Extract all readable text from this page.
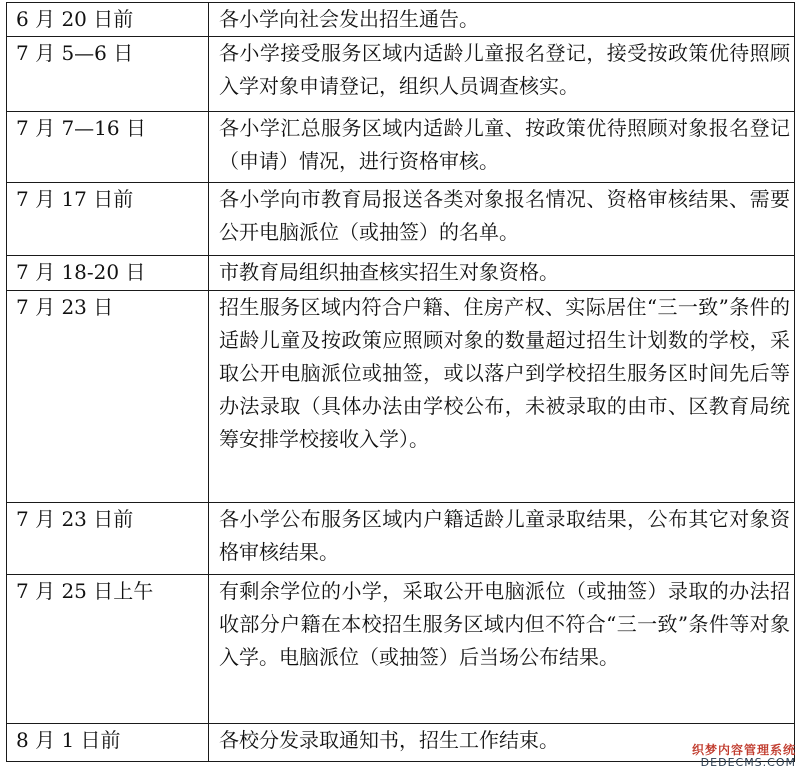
6 月 20 日前	各小学向社会发出招生通告。
7 月 5—6 日	各小学接受服务区域内适龄儿童报名登记，接受按政策优待照顾入学对象申请登记，组织人员调查核实。
7 月 7—16 日	各小学汇总服务区域内适龄儿童、按政策优待照顾对象报名登记（申请）情况，进行资格审核。
7 月 17 日前	各小学向市教育局报送各类对象报名情况、资格审核结果、需要公开电脑派位（或抽签）的名单。
7 月 18-20 日	市教育局组织抽查核实招生对象资格。
7 月 23 日	招生服务区域内符合户籍、住房产权、实际居住“三一致”条件的适龄儿童及按政策应照顾对象的数量超过招生计划数的学校，采取公开电脑派位或抽签，或以落户到学校招生服务区时间先后等办法录取（具体办法由学校公布，未被录取的由市、区教育局统筹安排学校接收入学）。
7 月 23 日前	各小学公布服务区域内户籍适龄儿童录取结果，公布其它对象资格审核结果。
7 月 25 日上午	有剩余学位的小学，采取公开电脑派位（或抽签）录取的办法招收部分户籍在本校招生服务区域内但不符合“三一致”条件等对象入学。电脑派位（或抽签）后当场公布结果。
8 月 1 日前	各校分发录取通知书，招生工作结束。	织梦内容管理系统
DEDECMS.COM
